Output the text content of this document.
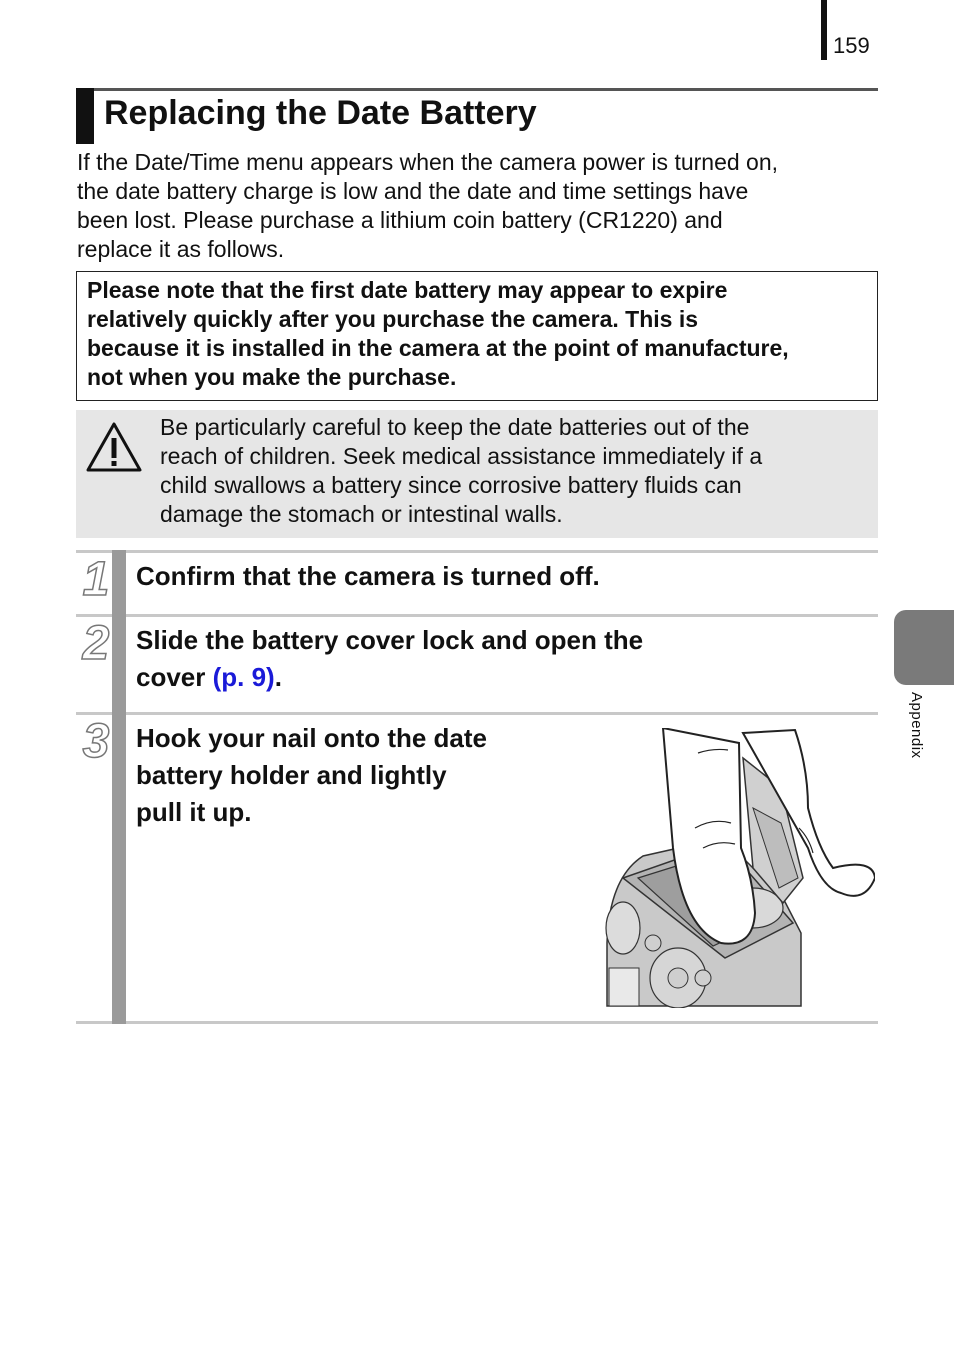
159
Replacing the Date Battery

If the Date/Time menu appears when the camera power is turned on,
the date battery charge is low and the date and time settings have
been lost. Please purchase a lithium coin battery (CR1220) and
replace it as follows.

Please note that the first date battery may appear to expire
relatively quickly after you purchase the camera. This is
because it is installed in the camera at the point of manufacture,
not when you make the purchase.

Be particularly careful to keep the date batteries out of the
reach of children. Seek medical assistance immediately if a
child swallows a battery since corrosive battery fluids can
damage the stomach or intestinal walls.

1 Confirm that the camera is turned off.

2 Slide the battery cover lock and open the
cover (p. 9).

3 Hook your nail onto the date
battery holder and lightly
pull it up.

Appendix
